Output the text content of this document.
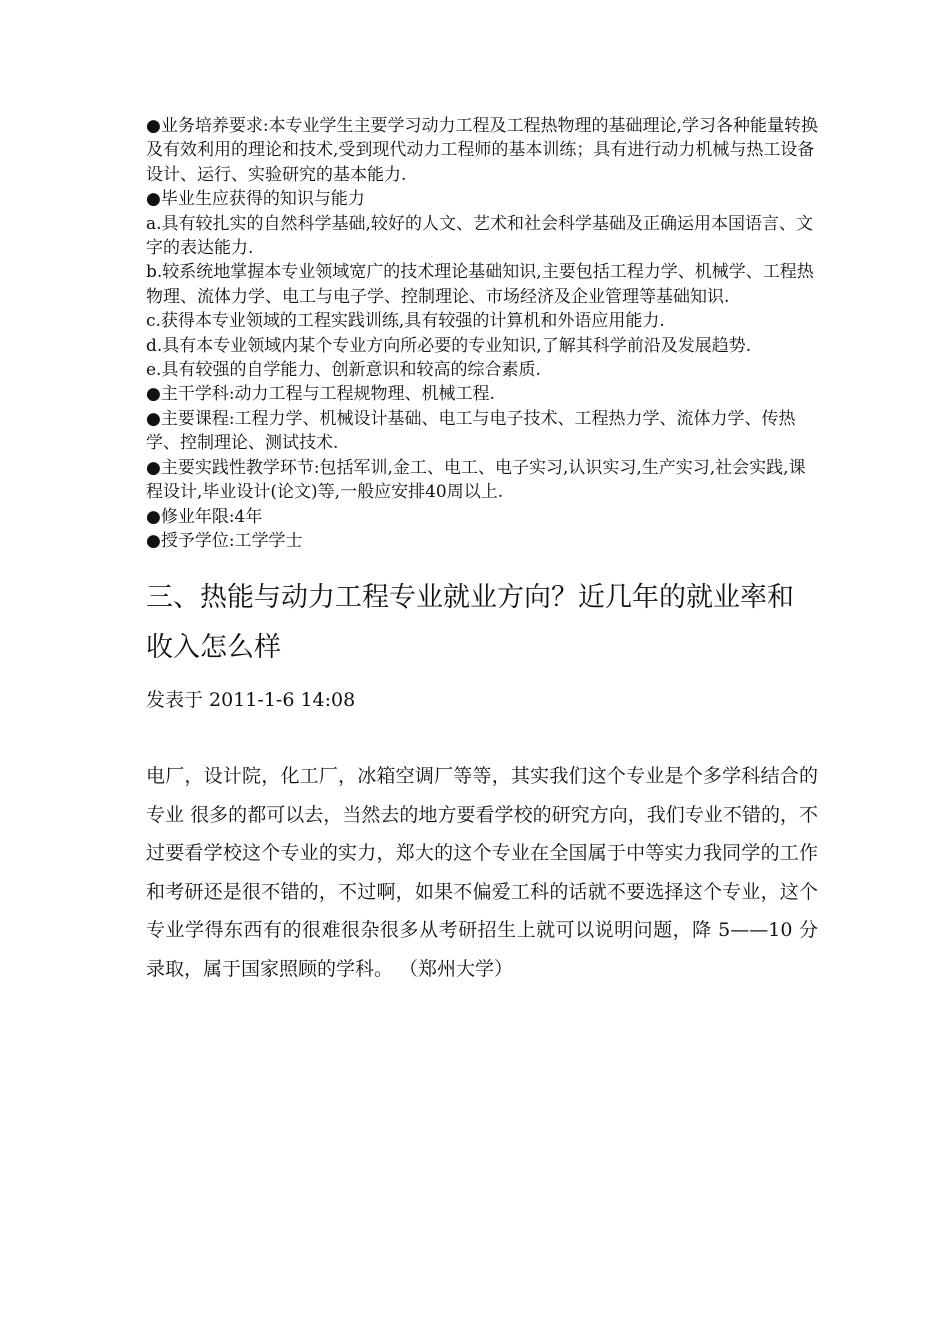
●业务培养要求:本专业学生主要学习动力工程及工程热物理的基础理论,学习各种能量转换及有效利用的理论和技术,受到现代动力工程师的基本训练；具有进行动力机械与热工设备设计、运行、实验研究的基本能力.

●毕业生应获得的知识与能力

a.具有较扎实的自然科学基础,较好的人文、艺术和社会科学基础及正确运用本国语言、文字的表达能力.

b.较系统地掌握本专业领域宽广的技术理论基础知识,主要包括工程力学、机械学、工程热物理、流体力学、电工与电子学、控制理论、市场经济及企业管理等基础知识.

c.获得本专业领域的工程实践训练,具有较强的计算机和外语应用能力.

d.具有本专业领域内某个专业方向所必要的专业知识,了解其科学前沿及发展趋势.

e.具有较强的自学能力、创新意识和较高的综合素质.

●主干学科:动力工程与工程规物理、机械工程.

●主要课程:工程力学、机械设计基础、电工与电子技术、工程热力学、流体力学、传热学、控制理论、测试技术.

●主要实践性教学环节:包括军训,金工、电工、电子实习,认识实习,生产实习,社会实践,课程设计,毕业设计(论文)等,一般应安排40周以上.

●修业年限:4年

●授予学位:工学学士

三、热能与动力工程专业就业方向？近几年的就业率和收入怎么样

发表于 2011-1-6 14:08

电厂，设计院，化工厂，冰箱空调厂等等，其实我们这个专业是个多学科结合的专业 很多的都可以去，当然去的地方要看学校的研究方向，我们专业不错的，不过要看学校这个专业的实力，郑大的这个专业在全国属于中等实力我同学的工作和考研还是很不错的，不过啊，如果不偏爱工科的话就不要选择这个专业，这个专业学得东西有的很难很杂很多从考研招生上就可以说明问题，降 5——10 分录取，属于国家照顾的学科。 （郑州大学）
